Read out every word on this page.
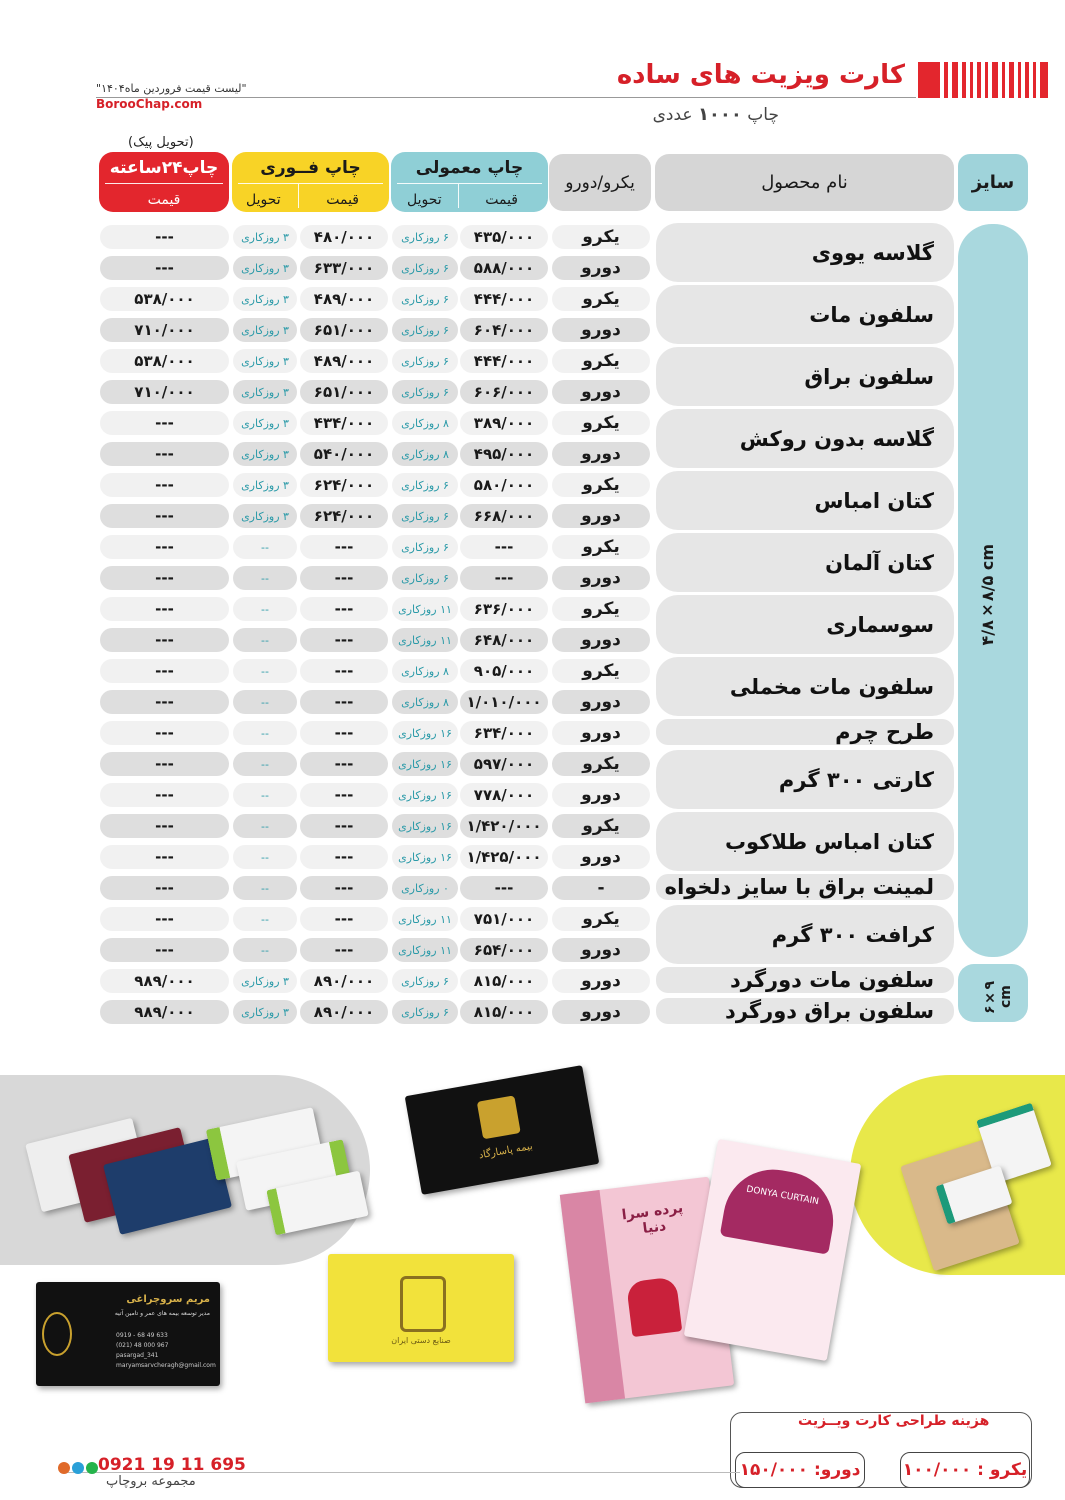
کارت ویزیت های ساده
چاپ ۱۰۰۰ عددی
"لیست قیمت فروردین ماه۱۴۰۴"
BorooChap.com
(تحویل پیک)
سایز
نام محصول
یکرو/دورو
چاپ معمولی
قیمت
تحویل
چاپ فــوری
قیمت
تحویل
چاپ۲۴ساعته
قیمت
۴/۸×۸/۵ cm
۶×۹ cm
یکرو
۴۳۵/۰۰۰
۶ روزکاری
۴۸۰/۰۰۰
۳ روزکاری
---
دورو
۵۸۸/۰۰۰
۶ روزکاری
۶۳۳/۰۰۰
۳ روزکاری
---
یکرو
۴۴۴/۰۰۰
۶ روزکاری
۴۸۹/۰۰۰
۳ روزکاری
۵۳۸/۰۰۰
دورو
۶۰۴/۰۰۰
۶ روزکاری
۶۵۱/۰۰۰
۳ روزکاری
۷۱۰/۰۰۰
یکرو
۴۴۴/۰۰۰
۶ روزکاری
۴۸۹/۰۰۰
۳ روزکاری
۵۳۸/۰۰۰
دورو
۶۰۶/۰۰۰
۶ روزکاری
۶۵۱/۰۰۰
۳ روزکاری
۷۱۰/۰۰۰
یکرو
۳۸۹/۰۰۰
۸ روزکاری
۴۳۴/۰۰۰
۳ روزکاری
---
دورو
۴۹۵/۰۰۰
۸ روزکاری
۵۴۰/۰۰۰
۳ روزکاری
---
یکرو
۵۸۰/۰۰۰
۶ روزکاری
۶۲۴/۰۰۰
۳ روزکاری
---
دورو
۶۶۸/۰۰۰
۶ روزکاری
۶۲۴/۰۰۰
۳ روزکاری
---
یکرو
---
۶ روزکاری
---
--
---
دورو
---
۶ روزکاری
---
--
---
یکرو
۶۳۶/۰۰۰
۱۱ روزکاری
---
--
---
دورو
۶۴۸/۰۰۰
۱۱ روزکاری
---
--
---
یکرو
۹۰۵/۰۰۰
۸ روزکاری
---
--
---
دورو
۱/۰۱۰/۰۰۰
۸ روزکاری
---
--
---
دورو
۶۳۴/۰۰۰
۱۶ روزکاری
---
--
---
یکرو
۵۹۷/۰۰۰
۱۶ روزکاری
---
--
---
دورو
۷۷۸/۰۰۰
۱۶ روزکاری
---
--
---
یکرو
۱/۴۲۰/۰۰۰
۱۶ روزکاری
---
--
---
دورو
۱/۴۲۵/۰۰۰
۱۶ روزکاری
---
--
---
-
---
۰ روزکاری
---
--
---
یکرو
۷۵۱/۰۰۰
۱۱ روزکاری
---
--
---
دورو
۶۵۴/۰۰۰
۱۱ روزکاری
---
--
---
دورو
۸۱۵/۰۰۰
۶ روزکاری
۸۹۰/۰۰۰
۳ روزکاری
۹۸۹/۰۰۰
دورو
۸۱۵/۰۰۰
۶ روزکاری
۸۹۰/۰۰۰
۳ روزکاری
۹۸۹/۰۰۰
گلاسه یووی
سلفون مات
سلفون براق
گلاسه بدون روکش
کتان امباس
کتان آلمان
سوسماری
سلفون مات مخملی
طرح چرم
کارتی ۳۰۰ گرم
کتان امباس طلاکوب
لمینت براق با سایز دلخواه
کرافت ۳۰۰ گرم
سلفون مات دورگرد
سلفون براق دورگرد
بیمه پاسارگاد
صنایع دستی ایران
مریم سروچراغی
مدیر توسعه بیمه های عمر و تامین آتیه
0919 - 68 49 633
(021) 48 000 967
pasargad_341
maryamsarvcheragh@gmail.com
پرده سرا دنیا
DONYA CURTAIN
هزینه طراحی کارت ویــزیت
یکرو :

۱۰۰/۰۰۰
دورو:

۱۵۰/۰۰۰
0921 19 11 695
مجموعه بروچاپ
